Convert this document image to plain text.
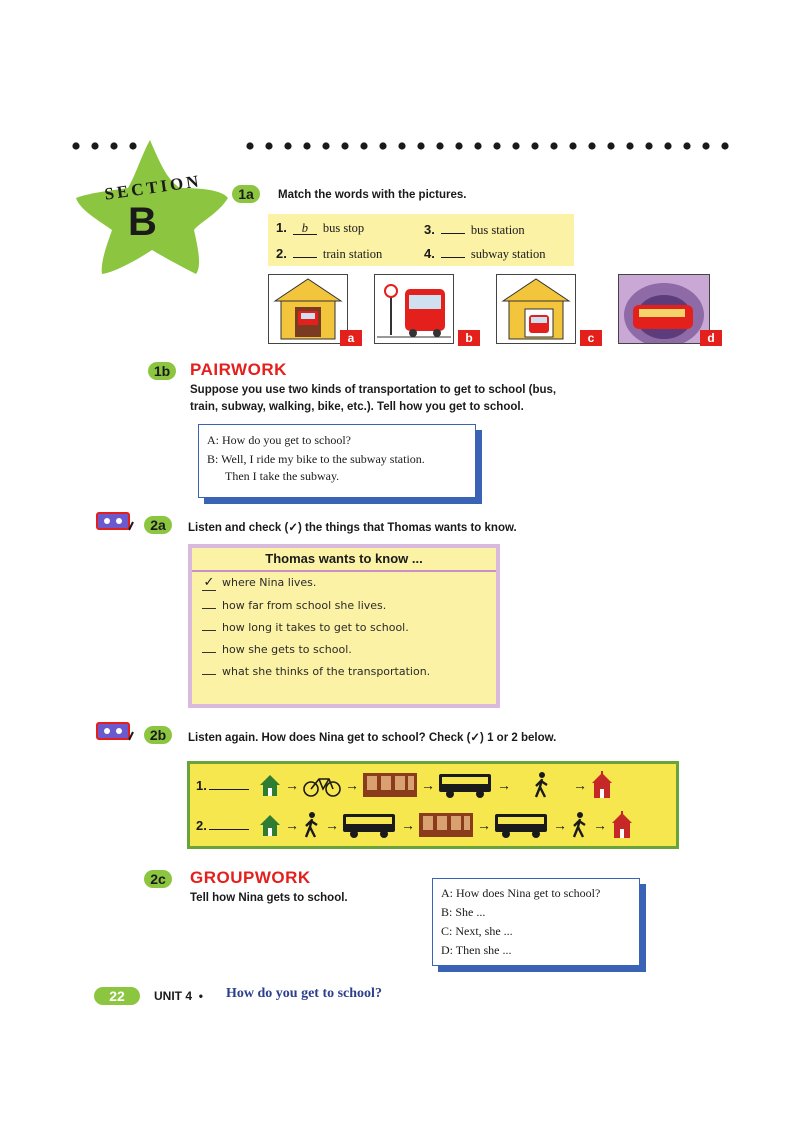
SECTION
B
1a	Match the words with the pictures.
1. b bus stop
2.	train station
3.	bus station
4.	subway station
a	b	c	d
1b	PAIRWORK
Suppose you use two kinds of transportation to get to school (bus,
train, subway, walking, bike, etc.). Tell how you get to school.
A: How do you get to school?
B: Well, I ride my bike to the subway station.
Then I take the subway.
2a	Listen and check (✓) the things that Thomas wants to know.
Thomas wants to know ...
✓ where Nina lives.
how far from school she lives.
how long it takes to get to school.
how she gets to school.
what she thinks of the transportation.
2b	Listen again. How does Nina get to school? Check (✓) 1 or 2 below.
1.	→	→	→	→	→
2.	→ →	→	→	→ →
2c	GROUPWORK
Tell how Nina gets to school.	A: How does Nina get to school?
B: She ...
C: Next, she ...
D: Then she ...
22	UNIT 4 • How do you get to school?
